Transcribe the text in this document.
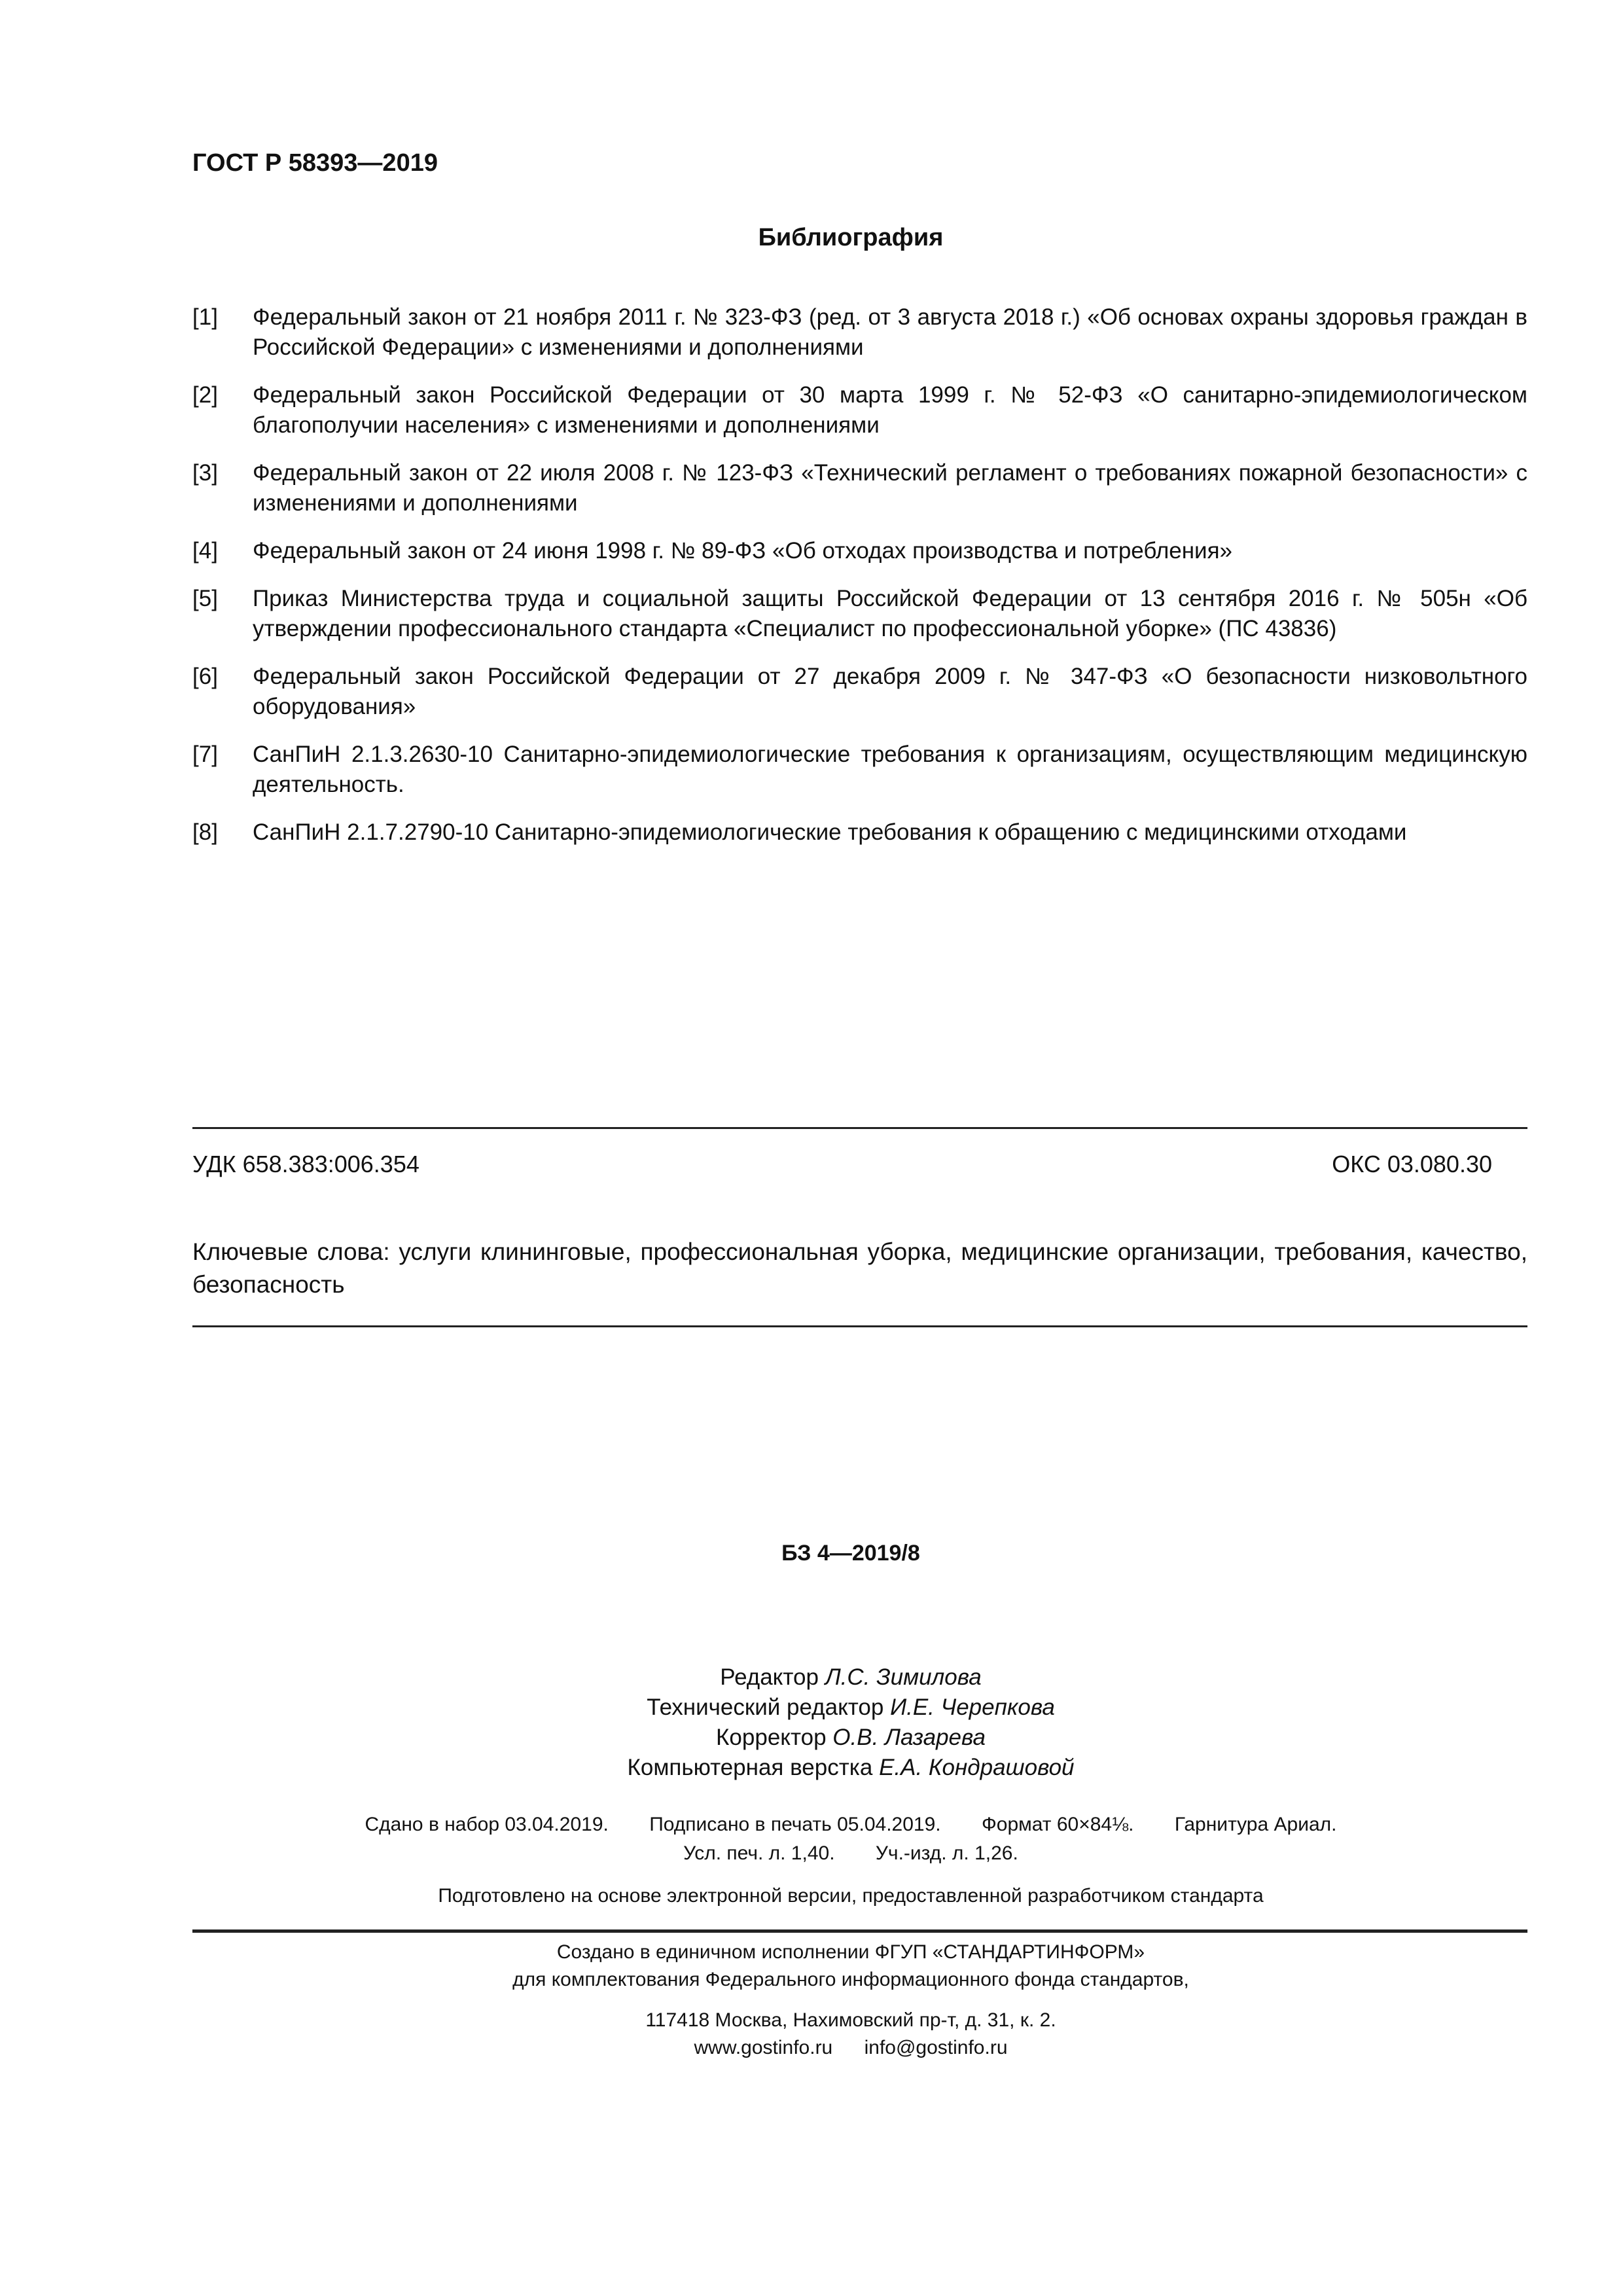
ГОСТ Р 58393—2019
Библиография
[1] Федеральный закон от 21 ноября 2011 г. № 323-ФЗ (ред. от 3 августа 2018 г.) «Об основах охраны здоровья граждан в Российской Федерации» с изменениями и дополнениями
[2] Федеральный закон Российской Федерации от 30 марта 1999 г. № 52-ФЗ «О санитарно-эпидемиологическом благополучии населения» с изменениями и дополнениями
[3] Федеральный закон от 22 июля 2008 г. № 123-ФЗ «Технический регламент о требованиях пожарной безопасности» с изменениями и дополнениями
[4] Федеральный закон от 24 июня 1998 г. № 89-ФЗ «Об отходах производства и потребления»
[5] Приказ Министерства труда и социальной защиты Российской Федерации от 13 сентября 2016 г. № 505н «Об утверждении профессионального стандарта «Специалист по профессиональной уборке» (ПС 43836)
[6] Федеральный закон Российской Федерации от 27 декабря 2009 г. № 347-ФЗ «О безопасности низковольтного оборудования»
[7] СанПиН 2.1.3.2630-10 Санитарно-эпидемиологические требования к организациям, осуществляющим медицинскую деятельность.
[8] СанПиН 2.1.7.2790-10 Санитарно-эпидемиологические требования к обращению с медицинскими отходами
УДК 658.383:006.354	ОКС 03.080.30
Ключевые слова: услуги клининговые, профессиональная уборка, медицинские организации, требования, качество, безопасность
БЗ 4—2019/8
Редактор Л.С. Зимилова
Технический редактор И.Е. Черепкова
Корректор О.В. Лазарева
Компьютерная верстка Е.А. Кондрашовой
Сдано в набор 03.04.2019. Подписано в печать 05.04.2019. Формат 60×84⅛. Гарнитура Ариал.
Усл. печ. л. 1,40. Уч.-изд. л. 1,26.
Подготовлено на основе электронной версии, предоставленной разработчиком стандарта
Создано в единичном исполнении ФГУП «СТАНДАРТИНФОРМ»
для комплектования Федерального информационного фонда стандартов,
117418 Москва, Нахимовский пр-т, д. 31, к. 2.
www.gostinfo.ru info@gostinfo.ru
